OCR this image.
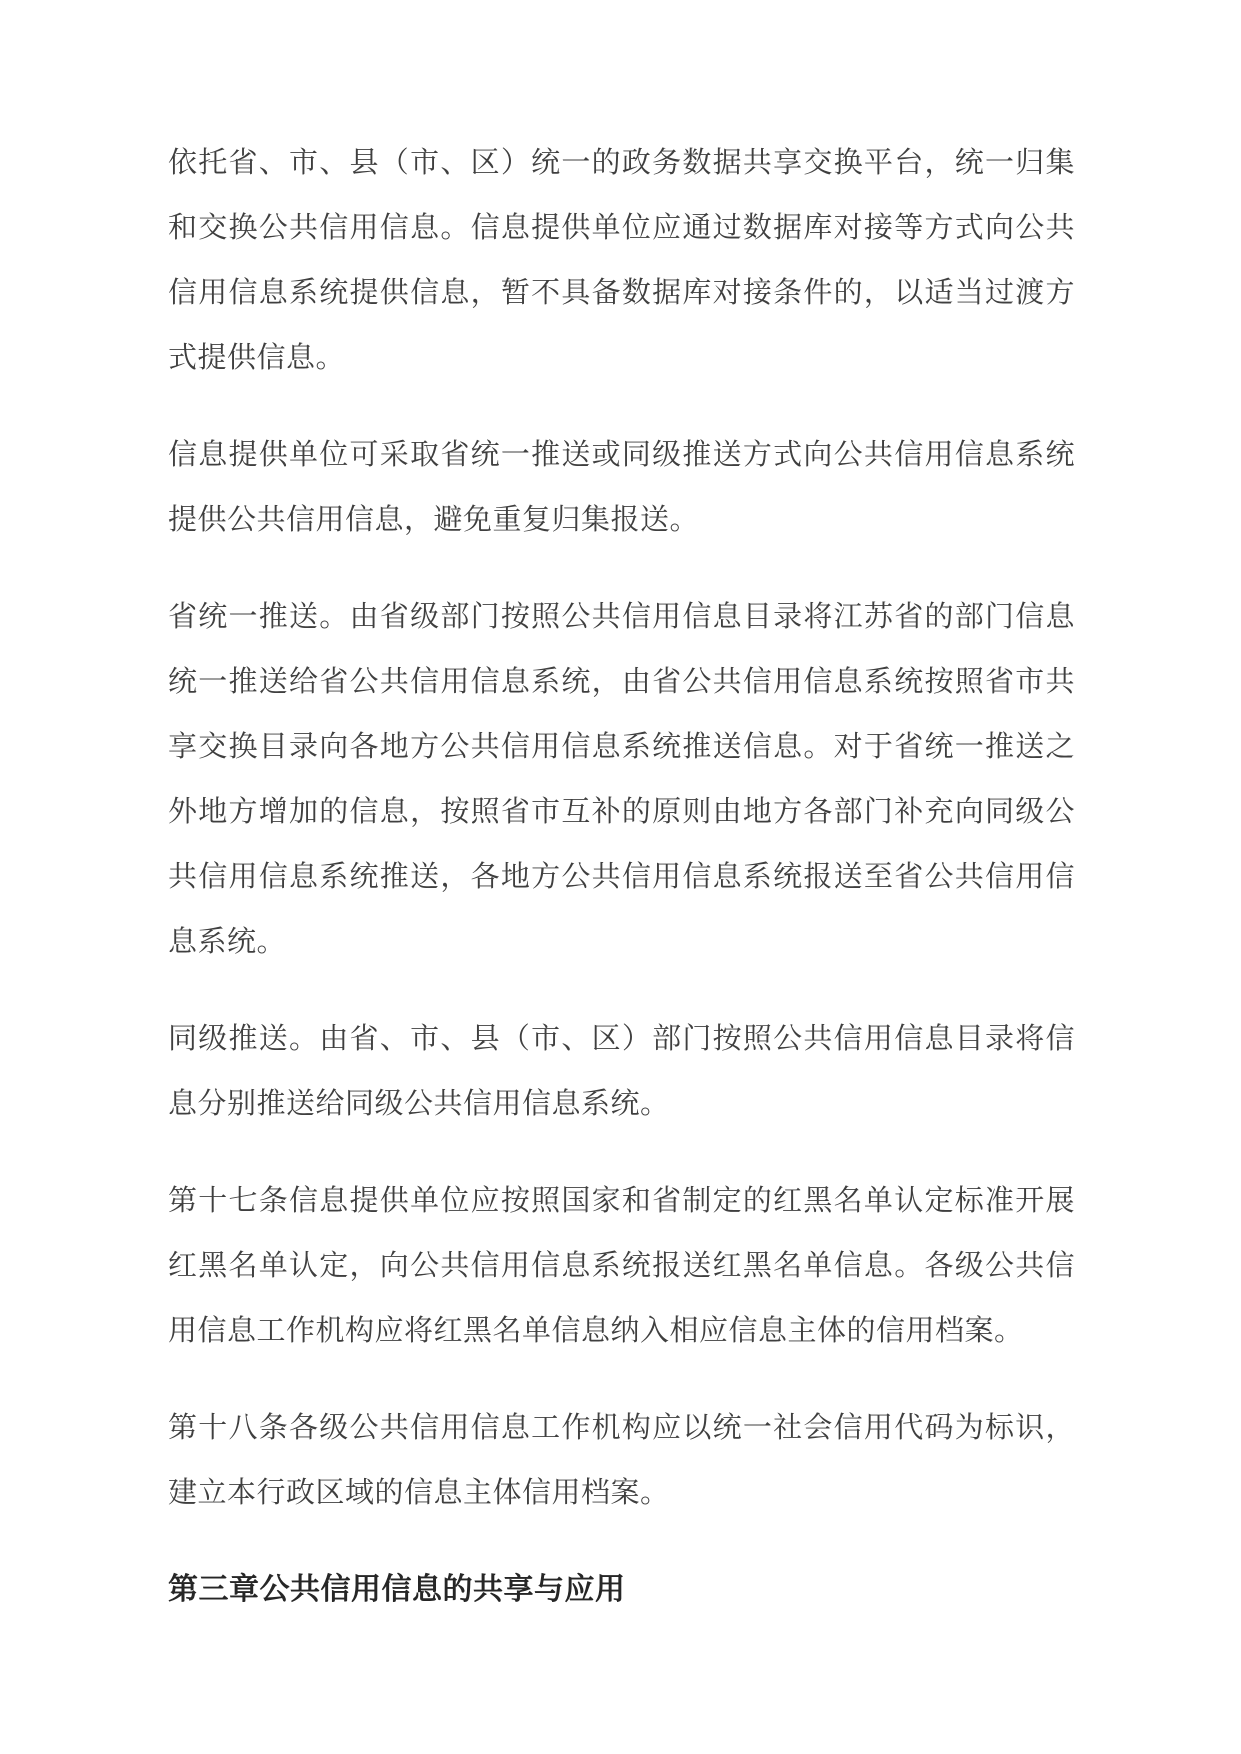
依托省、市、县（市、区）统一的政务数据共享交换平台，统一归集和交换公共信用信息。信息提供单位应通过数据库对接等方式向公共信用信息系统提供信息，暂不具备数据库对接条件的，以适当过渡方式提供信息。

信息提供单位可采取省统一推送或同级推送方式向公共信用信息系统提供公共信用信息，避免重复归集报送。

省统一推送。由省级部门按照公共信用信息目录将江苏省的部门信息统一推送给省公共信用信息系统，由省公共信用信息系统按照省市共享交换目录向各地方公共信用信息系统推送信息。对于省统一推送之外地方增加的信息，按照省市互补的原则由地方各部门补充向同级公共信用信息系统推送，各地方公共信用信息系统报送至省公共信用信息系统。

同级推送。由省、市、县（市、区）部门按照公共信用信息目录将信息分别推送给同级公共信用信息系统。

第十七条信息提供单位应按照国家和省制定的红黑名单认定标准开展红黑名单认定，向公共信用信息系统报送红黑名单信息。各级公共信用信息工作机构应将红黑名单信息纳入相应信息主体的信用档案。

第十八条各级公共信用信息工作机构应以统一社会信用代码为标识，建立本行政区域的信息主体信用档案。

第三章公共信用信息的共享与应用
